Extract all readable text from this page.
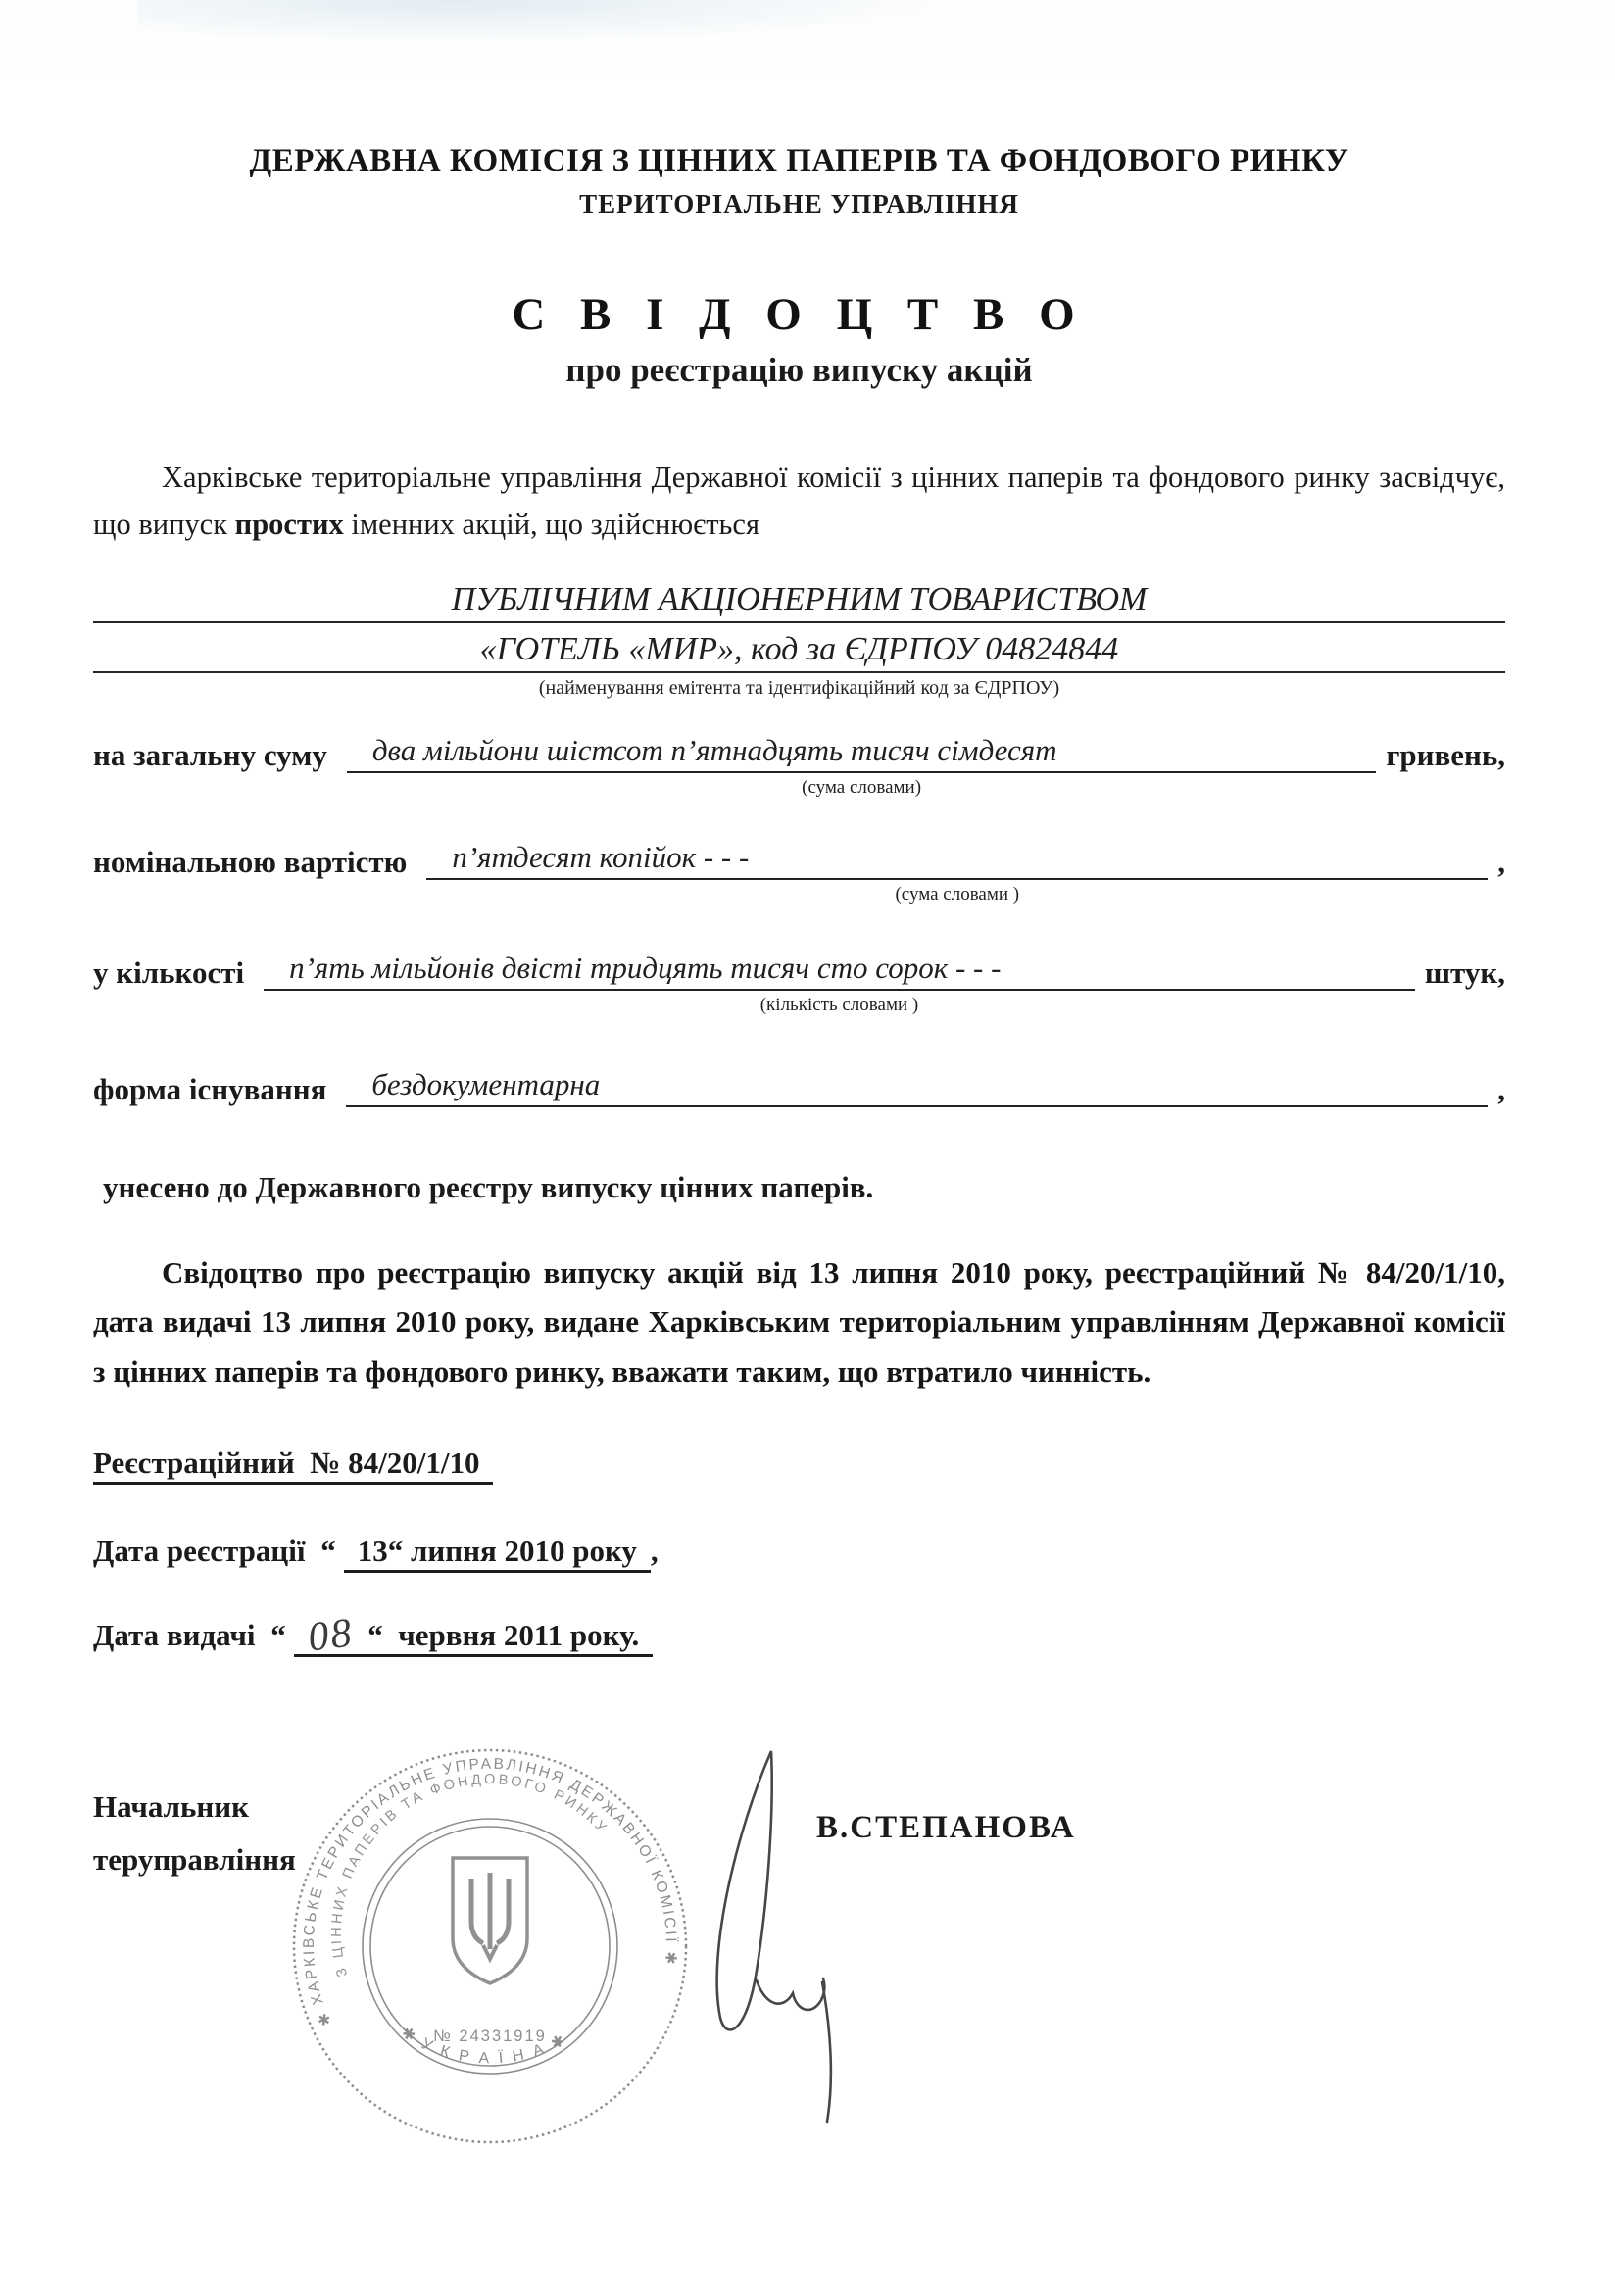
ДЕРЖАВНА КОМІСІЯ З ЦІННИХ ПАПЕРІВ ТА ФОНДОВОГО РИНКУ
ТЕРИТОРІАЛЬНЕ УПРАВЛІННЯ
С В І Д О Ц Т В О
про реєстрацію випуску акцій

Харківське територіальне управління Державної комісії з цінних паперів та фондового ринку засвідчує, що випуск простих іменних акцій, що здійснюється

ПУБЛІЧНИМ АКЦІОНЕРНИМ ТОВАРИСТВОМ
«ГОТЕЛЬ «МИР», код за ЄДРПОУ 04824844
(найменування емітента та ідентифікаційний код за ЄДРПОУ)
на загальну суму	два мільйони шістсот п’ятнадцять тисяч сімдесят	гривень,
(сума словами)
номінальною вартістю	п’ятдесят копійок - - -	,
(сума словами )
у кількості	п’ять мільйонів двісті тридцять тисяч сто сорок - - -	штук,
(кількість словами )
форма існування	бездокументарна	,
унесено до Державного реєстру випуску цінних паперів.

Свідоцтво про реєстрацію випуску акцій від 13 липня 2010 року, реєстраційний № 84/20/1/10, дата видачі 13 липня 2010 року, видане Харківським територіальним управлінням Державної комісії з цінних паперів та фондового ринку, вважати таким, що втратило чинність.

Реєстраційний № 84/20/1/10
Дата реєстрації “ 13“ липня 2010 року ,
Дата видачі “ 08 “ червня 2011 року.
Начальник
теруправління
✱ ХАРКІВСЬКЕ ТЕРИТОРІАЛЬНЕ УПРАВЛІННЯ ДЕРЖАВНОЇ КОМІСІЇ ✱
З ЦІННИХ ПАПЕРІВ ТА ФОНДОВОГО РИНКУ
✱ У К Р А Ї Н А ✱
№ 24331919
В.СТЕПАНОВА
